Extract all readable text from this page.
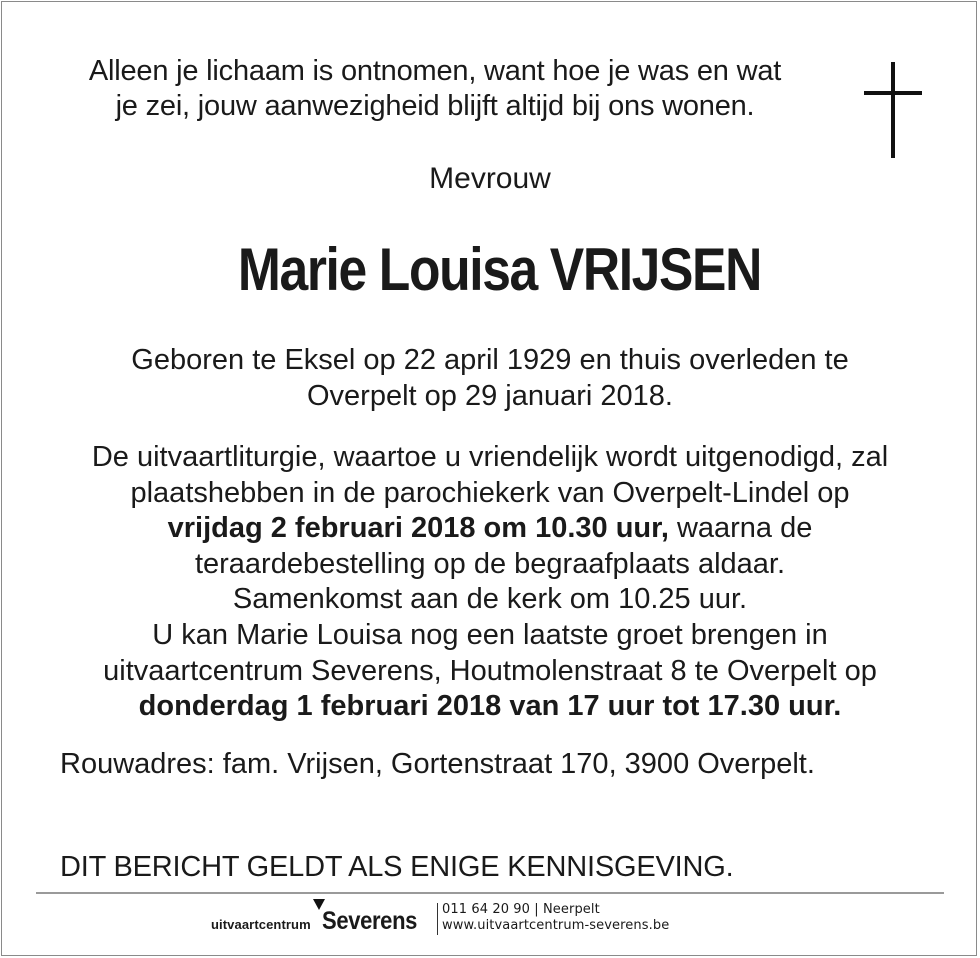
Alleen je lichaam is ontnomen, want hoe je was en wat
je zei, jouw aanwezigheid blijft altijd bij ons wonen.
Mevrouw
Marie Louisa VRIJSEN
Geboren te Eksel op 22 april 1929 en thuis overleden te
Overpelt op 29 januari 2018.
De uitvaartliturgie, waartoe u vriendelijk wordt uitgenodigd, zal
plaatshebben in de parochiekerk van Overpelt-Lindel op
vrijdag 2 februari 2018 om 10.30 uur, waarna de
teraardebestelling op de begraafplaats aldaar.
Samenkomst aan de kerk om 10.25 uur.
U kan Marie Louisa nog een laatste groet brengen in
uitvaartcentrum Severens, Houtmolenstraat 8 te Overpelt op
donderdag 1 februari 2018 van 17 uur tot 17.30 uur.
Rouwadres: fam. Vrijsen, Gortenstraat 170, 3900 Overpelt.
DIT BERICHT GELDT ALS ENIGE KENNISGEVING.
uitvaartcentrum Severens 011 64 20 90 | Neerpelt
www.uitvaartcentrum-severens.be
